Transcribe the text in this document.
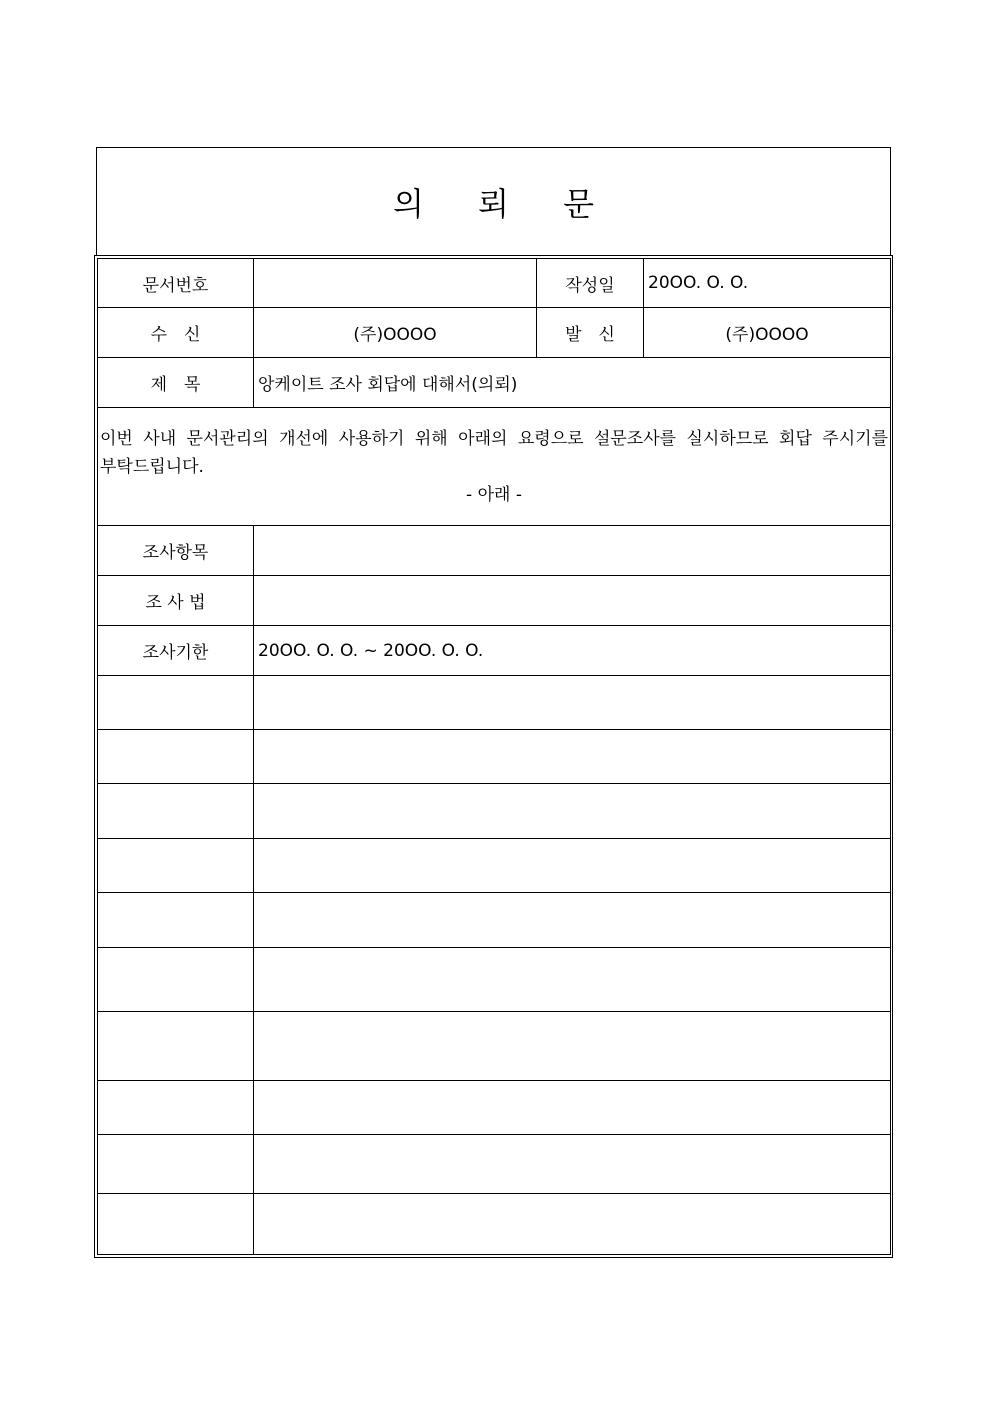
의 뢰 문
문서번호		작성일	20OO. O. O.
수　신	(주)OOOO	발　신	(주)OOOO
제　목	앙케이트 조사 회답에 대해서(의뢰)		

이번 사내 문서관리의 개선에 사용하기 위해 아래의 요령으로 설문조사를 실시하므로 회답 주시기를 부탁드립니다.
- 아래 -			

조사항목			
조 사 법			
조사기한	20OO. O. O. ~ 20OO. O. O.		
